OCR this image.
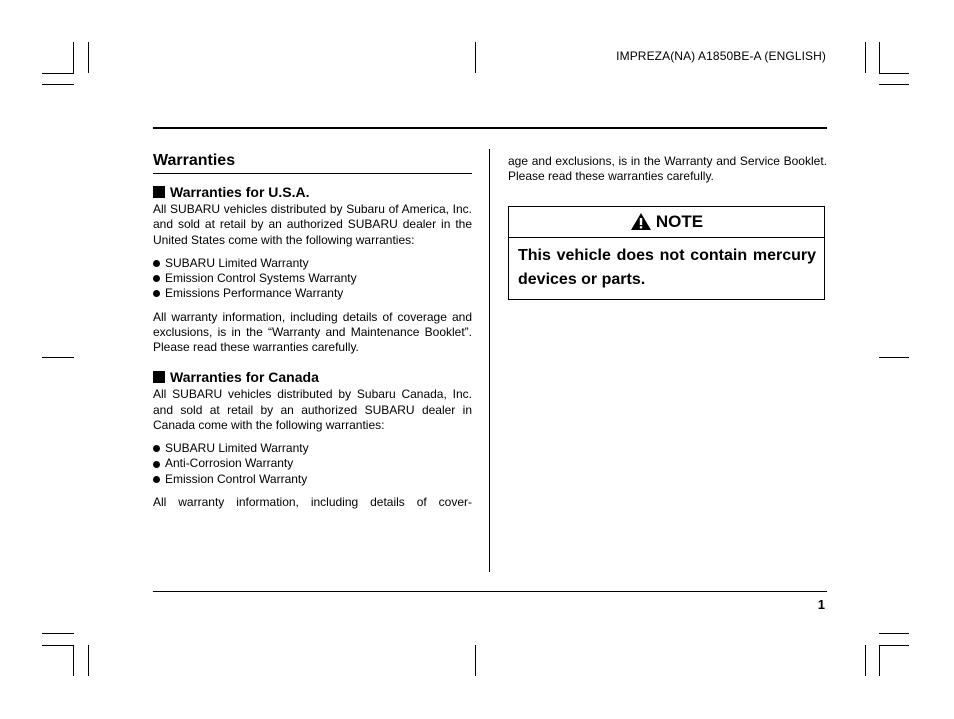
IMPREZA(NA) A1850BE-A (ENGLISH)
Warranties
Warranties for U.S.A.

All SUBARU vehicles distributed by Subaru of America, Inc. and sold at retail by an authorized SUBARU dealer in the United States come with the following warranties:

SUBARU Limited Warranty
Emission Control Systems Warranty
Emissions Performance Warranty

All warranty information, including details of coverage and exclusions, is in the “Warranty and Maintenance Booklet”. Please read these warranties carefully.

Warranties for Canada

All SUBARU vehicles distributed by Subaru Canada, Inc. and sold at retail by an authorized SUBARU dealer in Canada come with the following warranties:

SUBARU Limited Warranty
Anti-Corrosion Warranty
Emission Control Warranty

All warranty information, including details of cover-

age and exclusions, is in the Warranty and Service Booklet. Please read these warranties carefully.

NOTE
This vehicle does not contain mercury devices or parts.
1
